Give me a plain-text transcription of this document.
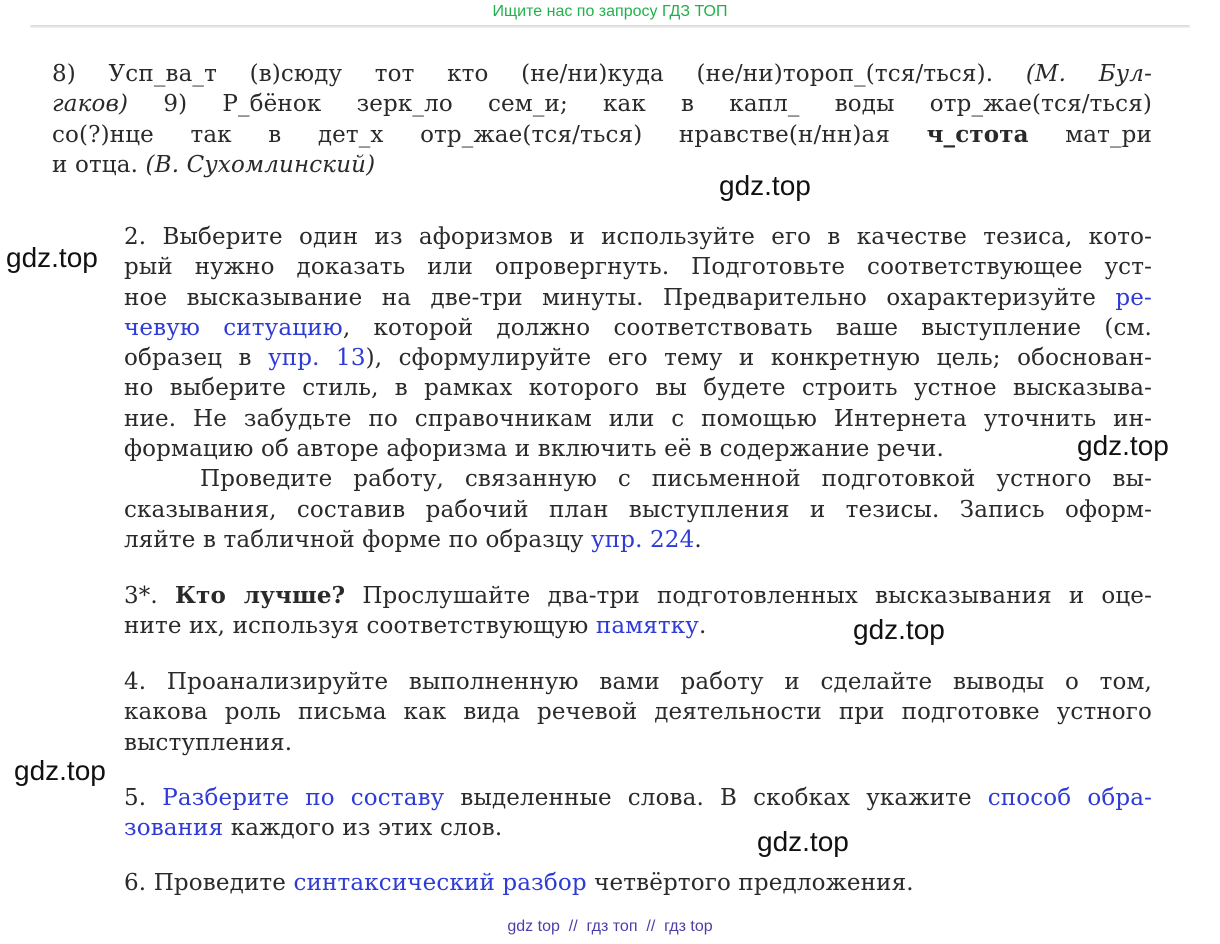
Ищите нас по запросу ГДЗ ТОП
8) Усп_ва_т (в)сюду тот кто (не/ни)куда (не/ни)тороп_(тся/ться). (М. Бул-
гаков) 9) Р_бёнок зерк_ло сем_и; как в капл_ воды отр_жае(тся/ться)
со(?)нце так в дет_х отр_жае(тся/ться) нравстве(н/нн)ая ч_стота мат_ри
и отца. (В. Сухомлинский)
2. Выберите один из афоризмов и используйте его в качестве тезиса, кото-
рый нужно доказать или опровергнуть. Подготовьте соответствующее уст-
ное высказывание на две-три минуты. Предварительно охарактеризуйте ре-
чевую ситуацию, которой должно соответствовать ваше выступление (см.
образец в упр. 13), сформулируйте его тему и конкретную цель; обоснован-
но выберите стиль, в рамках которого вы будете строить устное высказыва-
ние. Не забудьте по справочникам или с помощью Интернета уточнить ин-
формацию об авторе афоризма и включить её в содержание речи.
Проведите работу, связанную с письменной подготовкой устного вы-
сказывания, составив рабочий план выступления и тезисы. Запись оформ-
ляйте в табличной форме по образцу упр. 224.
3*. Кто лучше? Прослушайте два-три подготовленных высказывания и оце-
ните их, используя соответствующую памятку.
4. Проанализируйте выполненную вами работу и сделайте выводы о том,
какова роль письма как вида речевой деятельности при подготовке устного
выступления.
5. Разберите по составу выделенные слова. В скобках укажите способ обра-
зования каждого из этих слов.
6. Проведите синтаксический разбор четвёртого предложения.
gdz.top
gdz.top
gdz.top
gdz.top
gdz.top
gdz.top
gdz top  //  гдз топ  //  гдз top
